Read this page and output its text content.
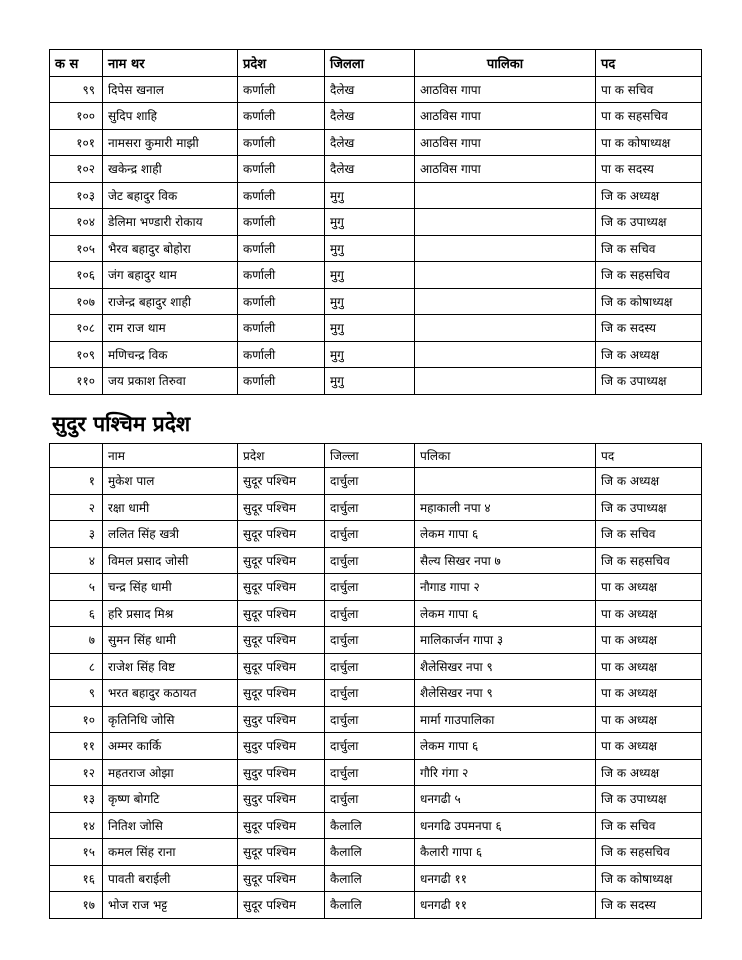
क स	नाम थर	प्रदेश	जिलला	पालिका	पद
९९	दिपेस खनाल	कर्णाली	दैलेख	आठविस गापा	पा क सचिव
१००	सुदिप शाहि	कर्णाली	दैलेख	आठविस गापा	पा क सहसचिव
१०१	नामसरा कुमारी माझी	कर्णाली	दैलेख	आठविस गापा	पा क कोषाध्यक्ष
१०२	खकेन्द्र शाही	कर्णाली	दैलेख	आठविस गापा	पा क सदस्य
१०३	जेट बहादुर विक	कर्णाली	मुगु		जि क अध्यक्ष
१०४	डेलिमा भण्डारी रोकाय	कर्णाली	मुगु		जि क उपाध्यक्ष
१०५	भैरव बहादुर बोहोरा	कर्णाली	मुगु		जि क सचिव
१०६	जंग बहादुर थाम	कर्णाली	मुगु		जि क सहसचिव
१०७	राजेन्द्र बहादुर शाही	कर्णाली	मुगु		जि क कोषाध्यक्ष
१०८	राम राज थाम	कर्णाली	मुगु		जि क सदस्य
१०९	मणिचन्द्र विक	कर्णाली	मुगु		जि क अध्यक्ष
११०	जय प्रकाश तिरुवा	कर्णाली	मुगु		जि क उपाध्यक्ष
सुदुर पश्चिम प्रदेश
	नाम	प्रदेश	जिल्ला	पलिका	पद
१	मुकेश पाल	सुदूर पश्चिम	दार्चुला		जि क अध्यक्ष
२	रक्षा धामी	सुदूर पश्चिम	दार्चुला	महाकाली नपा ४	जि क उपाध्यक्ष
३	ललित सिंह खत्री	सुदूर पश्चिम	दार्चुला	लेकम गापा ६	जि क सचिव
४	विमल प्रसाद जोसी	सुदूर पश्चिम	दार्चुला	सैल्य सिखर नपा ७	जि क सहसचिव
५	चन्द्र सिंह धामी	सुदूर पश्चिम	दार्चुला	नौगाड गापा २	पा क अध्यक्ष
६	हरि प्रसाद मिश्र	सुदूर पश्चिम	दार्चुला	लेकम गापा ६	पा क अध्यक्ष
७	सुमन सिंह धामी	सुदूर पश्चिम	दार्चुला	मालिकार्जन गापा ३	पा क अध्यक्ष
८	राजेश सिंह विष्ट	सुदूर पश्चिम	दार्चुला	शैलेसिखर नपा ९	पा क अध्यक्ष
९	भरत बहादुर कठायत	सुदूर पश्चिम	दार्चुला	शैलेसिखर नपा ९	पा क अध्यक्ष
१०	कृतिनिधि जोसि	सुदुर पश्चिम	दार्चुला	मार्मा गाउपालिका	पा क अध्यक्ष
११	अम्मर कार्कि	सुदुर पश्चिम	दार्चुला	लेकम गापा ६	पा क अध्यक्ष
१२	महतराज ओझा	सुदुर पश्चिम	दार्चुला	गौरि गंगा २	जि क अध्यक्ष
१३	कृष्ण बोगटि	सुदुर पश्चिम	दार्चुला	धनगढी ५	जि क उपाध्यक्ष
१४	नितिश जोसि	सुदूर पश्चिम	कैलालि	धनगढि उपमनपा ६	जि क सचिव
१५	कमल सिंह राना	सुदूर पश्चिम	कैलालि	कैलारी गापा ६	जि क सहसचिव
१६	पावती बराईली	सुदूर पश्चिम	कैलालि	धनगढी ११	जि क कोषाध्यक्ष
१७	भोज राज भट्ट	सुदूर पश्चिम	कैलालि	धनगढी ११	जि क सदस्य
